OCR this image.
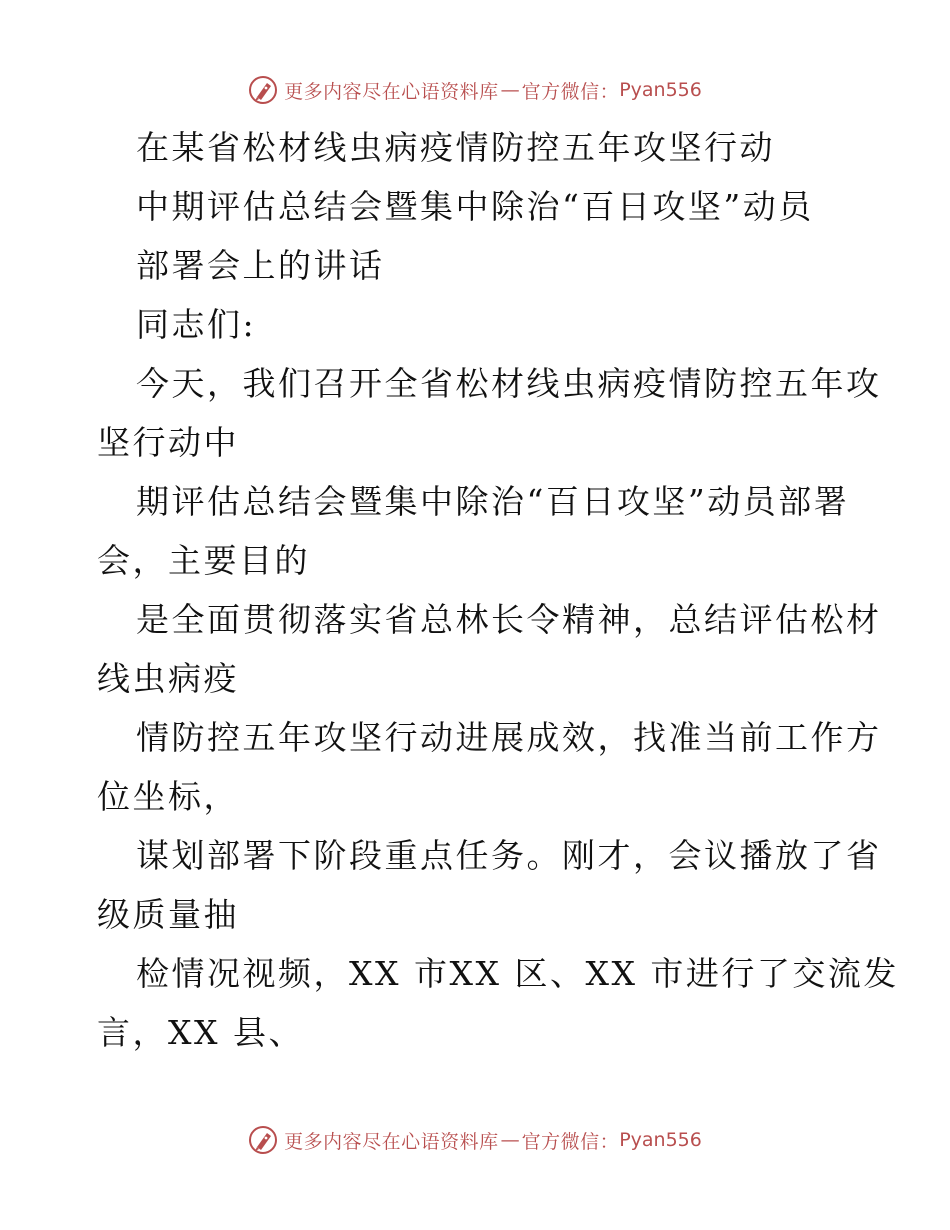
更多内容尽在心语资料库 — 官方微信： Pyan556
在某省松材线虫病疫情防控五年攻坚行动
中期评估总结会暨集中除治“百日攻坚”动员
部署会上的讲话
同志们:
今天，我们召开全省松材线虫病疫情防控五年攻
坚行动中
期评估总结会暨集中除治“百日攻坚”动员部署
会，主要目的
是全面贯彻落实省总林长令精神，总结评估松材
线虫病疫
情防控五年攻坚行动进展成效，找准当前工作方
位坐标，
谋划部署下阶段重点任务。刚才，会议播放了省
级质量抽
检情况视频，XX 市XX 区、XX 市进行了交流发
言，XX 县、
更多内容尽在心语资料库 — 官方微信： Pyan556
